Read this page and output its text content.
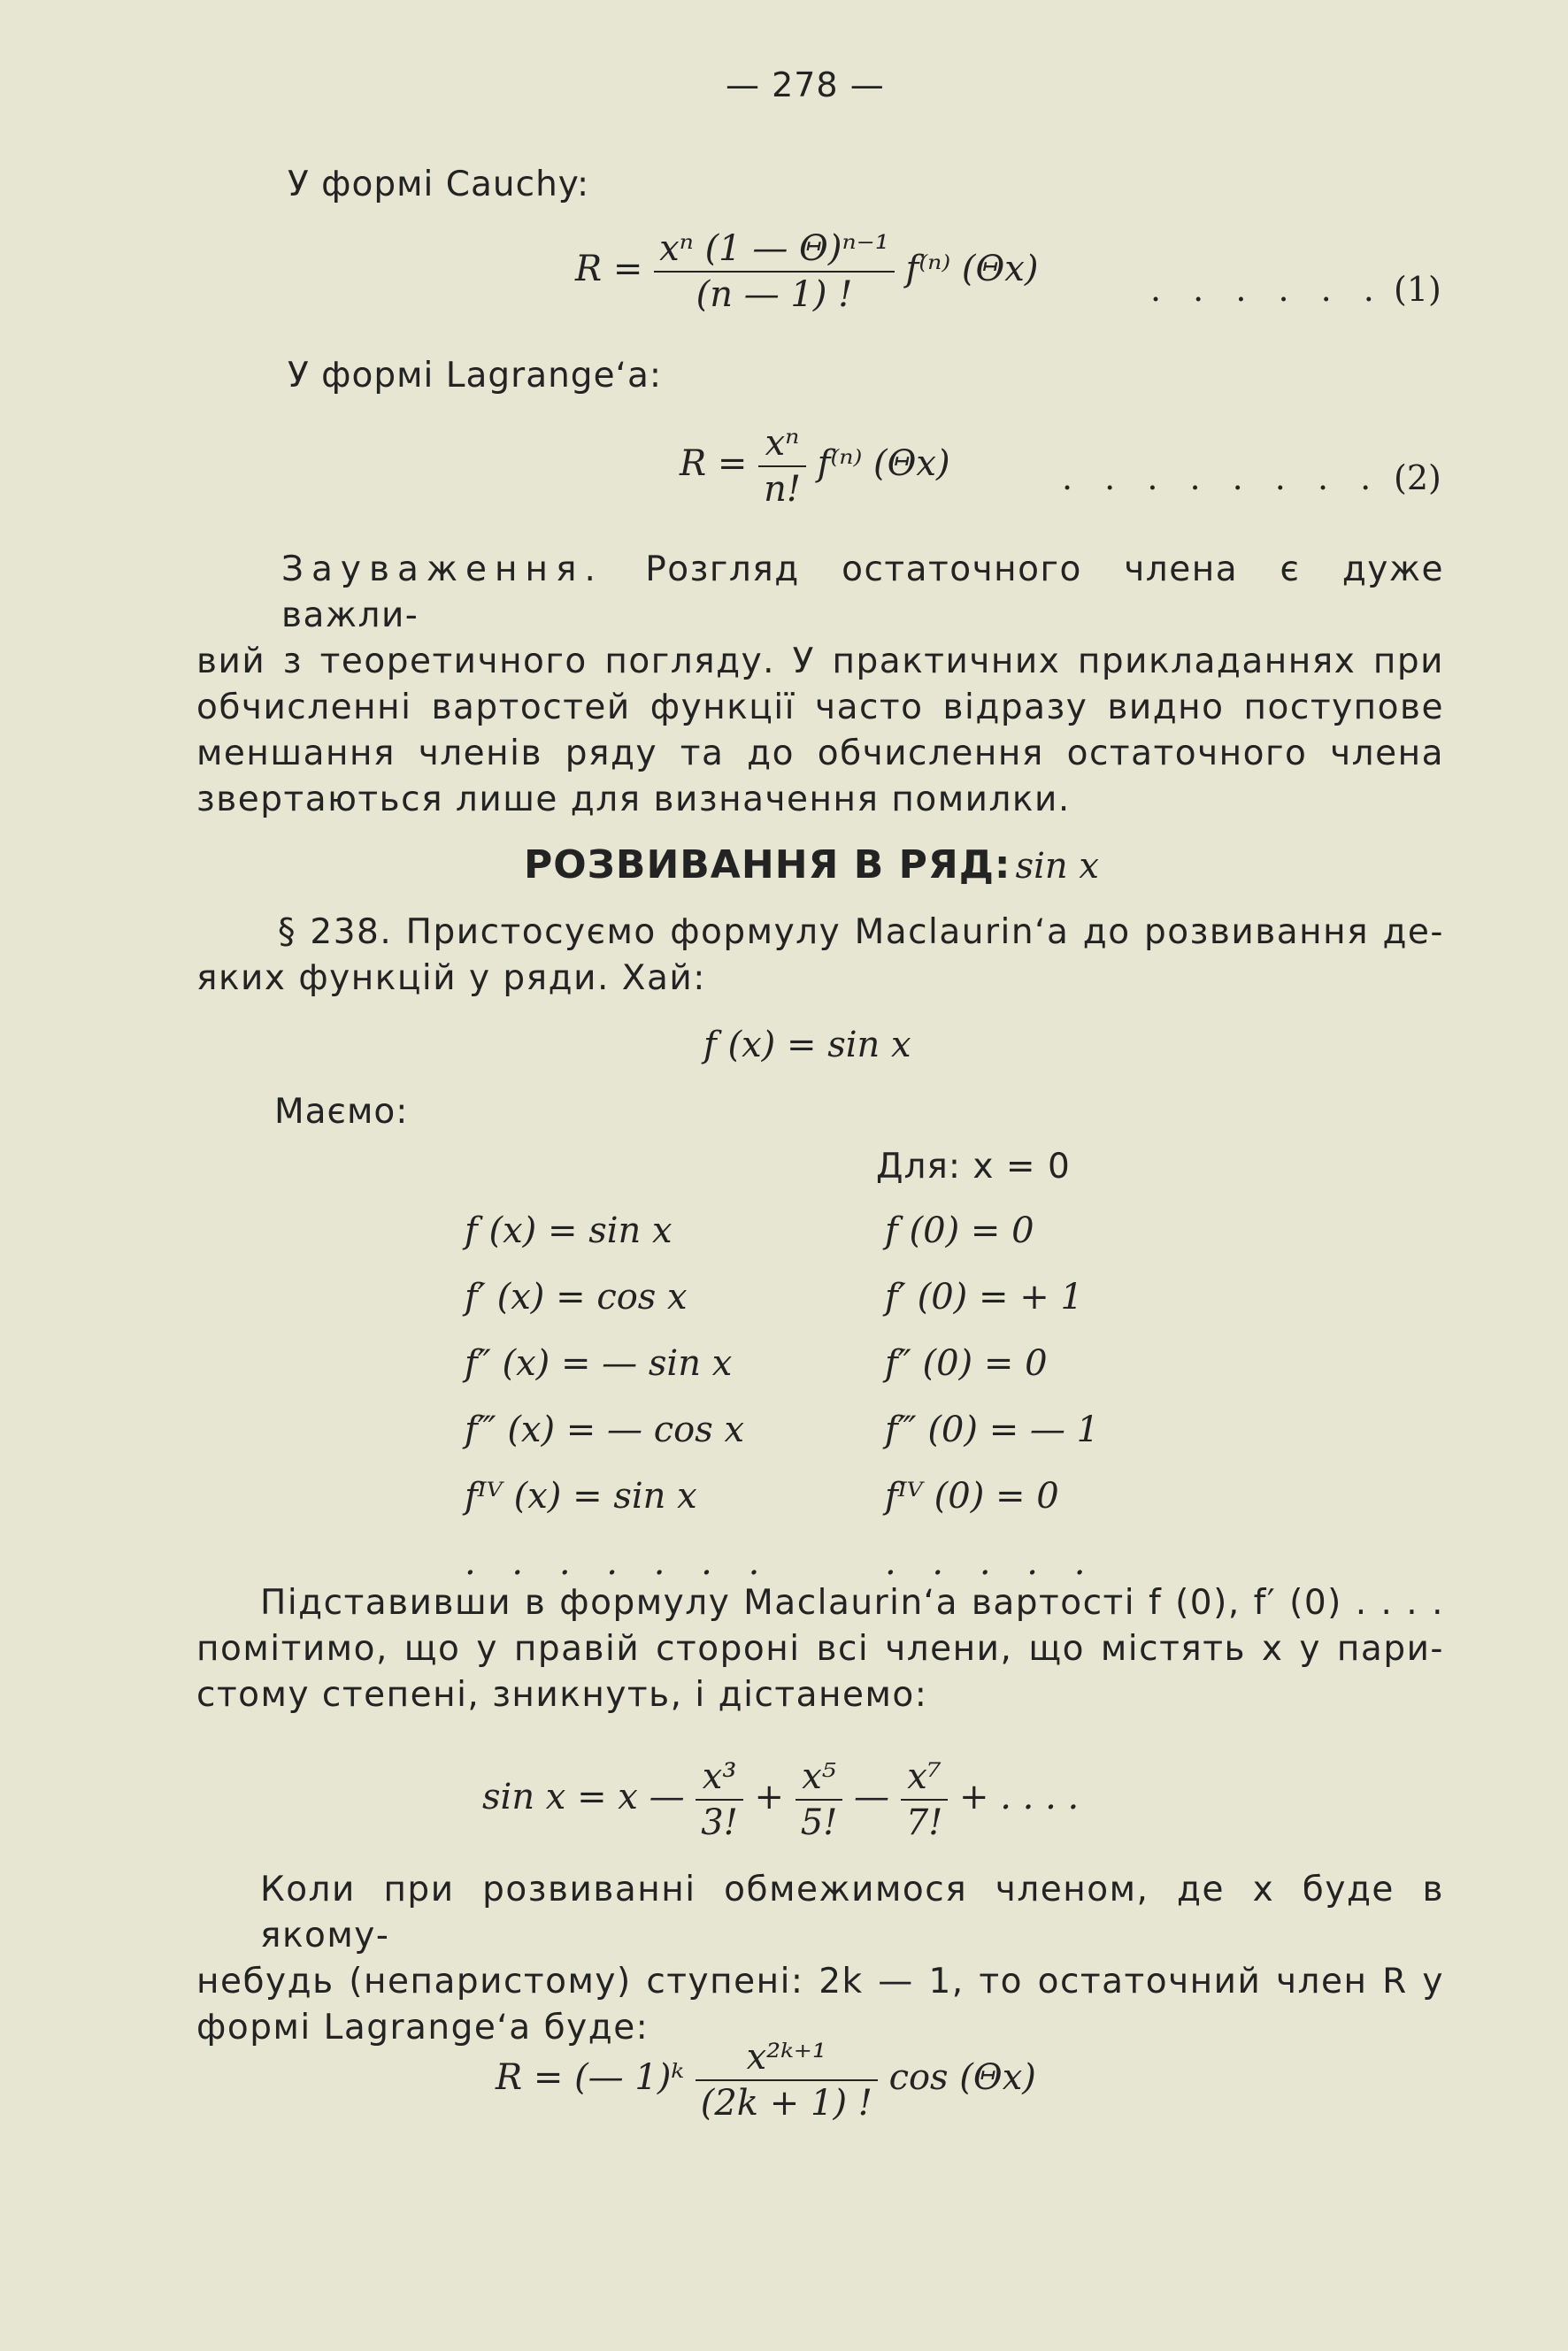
— 278 —
У формі Cauchy:
$R = \frac{\text{xⁿ (1 — Θ)ⁿ⁻¹}}{(n — 1) !} f^{(n)}$ (Θx)	. . . . . . (1)
У формі Lagrange‘a:
$R = \frac{\text{xⁿ}}{n!} f^{(n)}$ (Θx)	. . . . . . . . (2)
Зауваження. Розгляд остаточного члена є дуже важли-
вий з теоретичного погляду. У практичних прикладаннях при
обчисленні вартостей функції часто відразу видно поступове
меншання членів ряду та до обчислення остаточного члена
звертаються лише для визначення помилки.
РОЗВИВАННЯ В РЯД: sin x
§ 238. Пристосуємо формулу Maclaurin‘a до розвивання де-
яких функцій у ряди. Хай:
f (x) = sin x
Маємо:
Для: x = 0
f (x) = sin x
f′ (x) = cos x
f″ (x) = — sin x
f‴ (x) = — cos x
fᴵⱽ (x) = sin x
. . . . . . .
f (0) = 0
f′ (0) = + 1
f″ (0) = 0
f‴ (0) = — 1
fᴵⱽ (0) = 0
. . . . .
Підставивши в формулу Maclaurin‘a вартості f (0), f′ (0) . . . .
помітимо, що у правій стороні всі члени, що містять x у пари-
стому степені, зникнуть, і дістанемо:
sin x = x — $\frac{\text{x³}}{3!} + \frac{\text{x⁵}}{5!}$ — $\frac{\text{x⁷}}{7!}$ + . . . .
Коли при розвиванні обмежимося членом, де x буде в якому-
небудь (непаристому) ступені: 2k — 1, то остаточний член R у
формі Lagrange‘a буде:
R = (— 1)ᵏ $\frac{\text{x²ᵏ⁺¹}}{(2k + 1) !}$ cos (Θx)
